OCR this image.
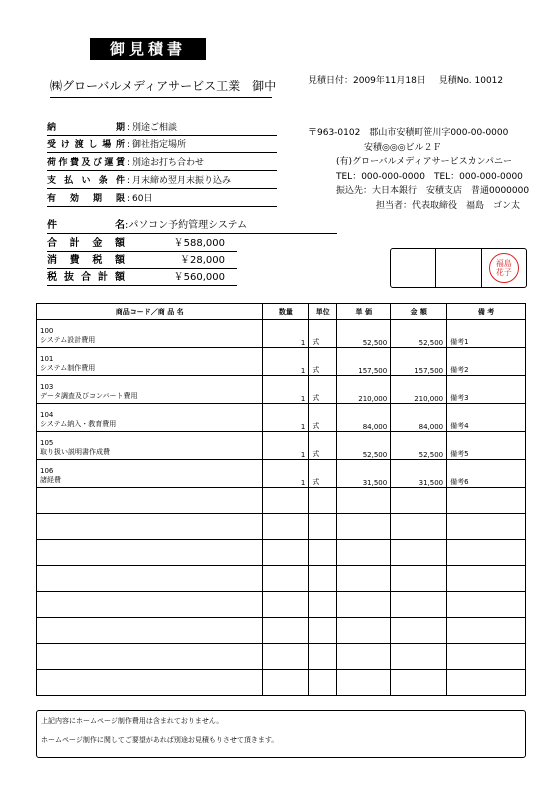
御見積書
㈱グローバルメディアサービス工業　御中	見積日付：2009年11月18日 見積No. 10012
納　　　期 : 別途ご相談
受け渡し場所 : 御社指定場所
荷作費及び運賃 : 別途お打ち合わせ
支払い条件 : 月末締め翌月末振り込み
有効期限 : 60日
件　　　名:パソコン予約管理システム
合計金額	￥588,000
消費税額	￥28,000
税抜合計額	￥560,000
〒963-0102　郡山市安積町笹川字000-00-0000
安積◎◎◎ビル２Ｆ
(有)グローバルメディアサービスカンパニー
TEL：000-000-0000　TEL：000-000-0000
振込先：大日本銀行　安積支店　普通0000000
担当者：代表取締役　福島　ゴン太
福島
花子
商品コード／商 品 名	数量	単位	単 価	金 額	備 考

100
システム設計費用	1	式	52,500	52,500	備考1

101
システム制作費用	1	式	157,500	157,500	備考2

103
データ調査及びコンバート費用	1	式	210,000	210,000	備考3

104
システム納入・教育費用	1	式	84,000	84,000	備考4

105
取り扱い説明書作成費	1	式	52,500	52,500	備考5

106
諸経費	1	式	31,500	31,500	備考6

上記内容にホームページ制作費用は含まれておりません。
ホームページ制作に関してご要望があれば別途お見積もりさせて頂きます。
